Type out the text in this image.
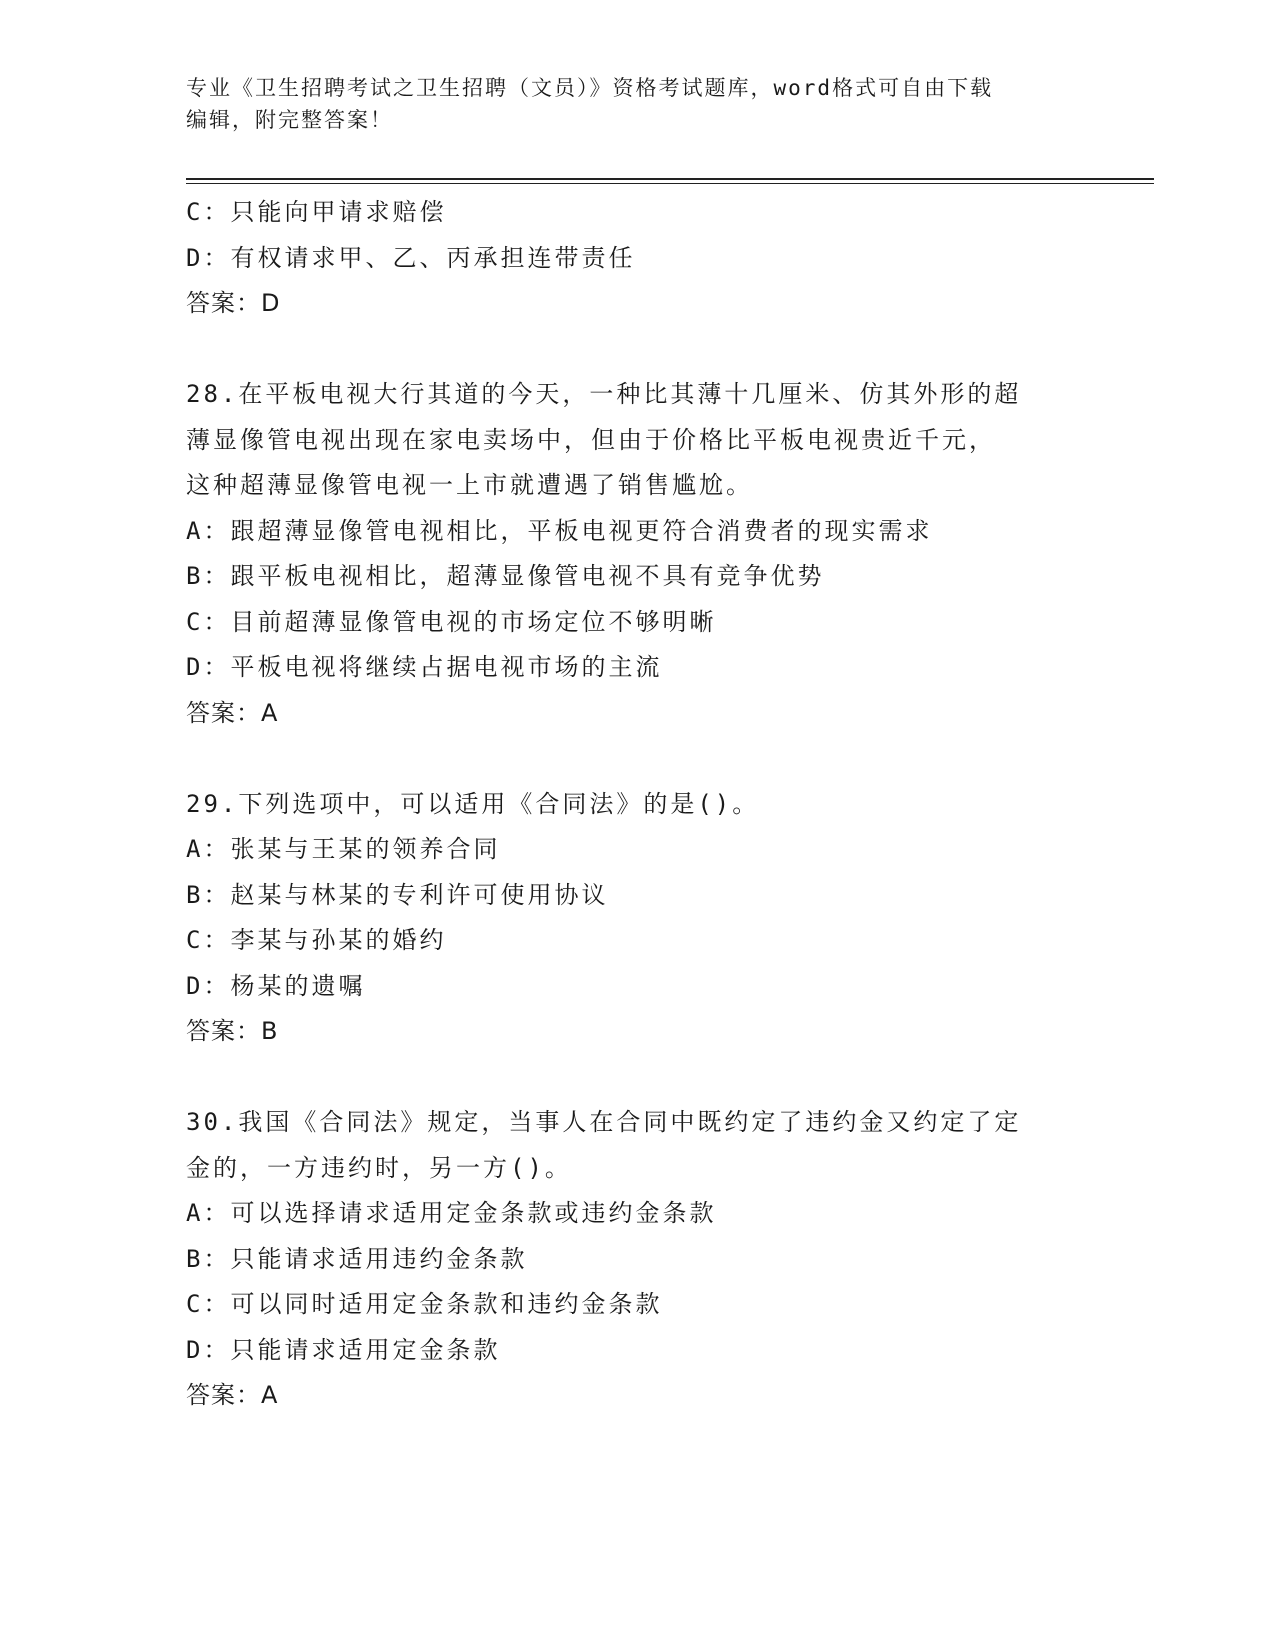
专业《卫生招聘考试之卫生招聘（文员）》资格考试题库，word格式可自由下载
编辑，附完整答案！
C：只能向甲请求赔偿
D：有权请求甲、乙、丙承担连带责任
答案：D
28.在平板电视大行其道的今天，一种比其薄十几厘米、仿其外形的超
薄显像管电视出现在家电卖场中，但由于价格比平板电视贵近千元，
这种超薄显像管电视一上市就遭遇了销售尴尬。
A：跟超薄显像管电视相比，平板电视更符合消费者的现实需求
B：跟平板电视相比，超薄显像管电视不具有竞争优势
C：目前超薄显像管电视的市场定位不够明晰
D：平板电视将继续占据电视市场的主流
答案：A
29.下列选项中，可以适用《合同法》的是()。
A：张某与王某的领养合同
B：赵某与林某的专利许可使用协议
C：李某与孙某的婚约
D：杨某的遗嘱
答案：B
30.我国《合同法》规定，当事人在合同中既约定了违约金又约定了定
金的，一方违约时，另一方()。
A：可以选择请求适用定金条款或违约金条款
B：只能请求适用违约金条款
C：可以同时适用定金条款和违约金条款
D：只能请求适用定金条款
答案：A
